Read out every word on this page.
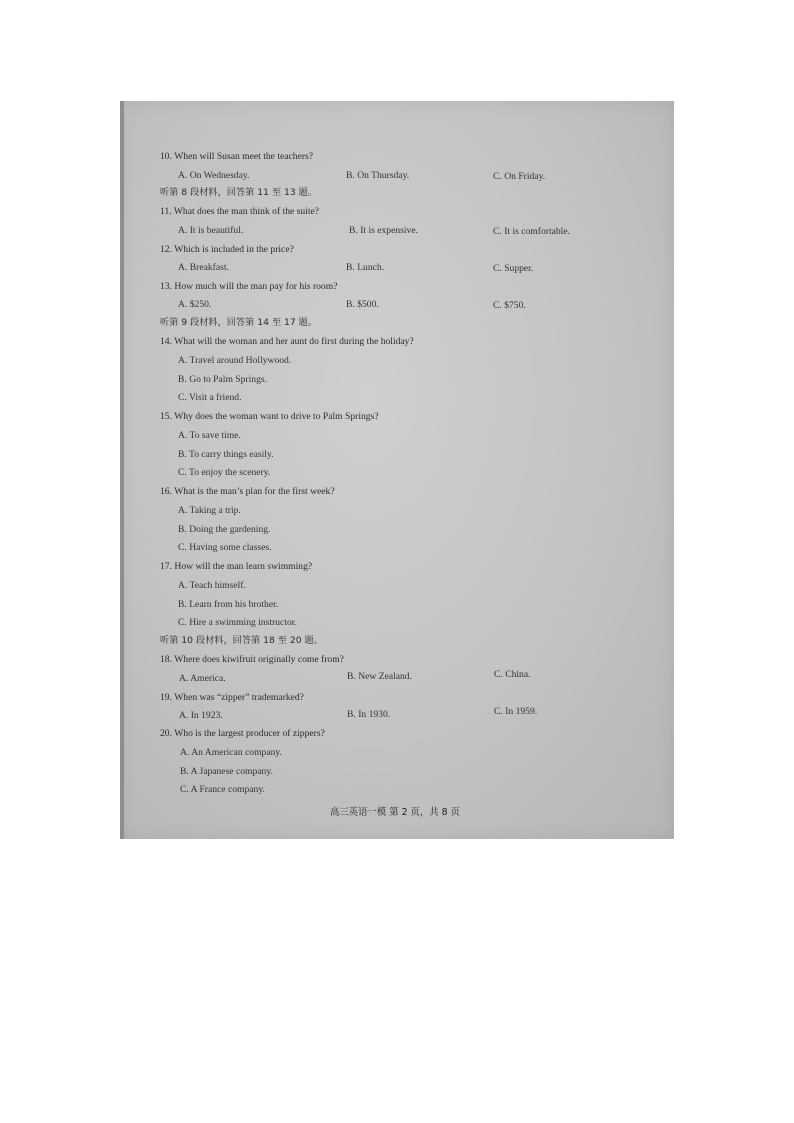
10. When will Susan meet the teachers?
A. On Wednesday.	B. On Thursday.	C. On Friday.
听第 8 段材料，回答第 11 至 13 题。
11. What does the man think of the suite?
A. It is beautiful.	B. It is expensive.	C. It is comfortable.
12. Which is included in the price?
A. Breakfast.	B. Lunch.	C. Supper.
13. How much will the man pay for his room?
A. $250.	B. $500.	C. $750.
听第 9 段材料，回答第 14 至 17 题。
14. What will the woman and her aunt do first during the holiday?
A. Travel around Hollywood.
B. Go to Palm Springs.
C. Visit a friend.
15. Why does the woman want to drive to Palm Springs?
A. To save time.
B. To carry things easily.
C. To enjoy the scenery.
16. What is the man’s plan for the first week?
A. Taking a trip.
B. Doing the gardening.
C. Having some classes.
17. How will the man learn swimming?
A. Teach himself.
B. Learn from his brother.
C. Hire a swimming instructor.
听第 10 段材料，回答第 18 至 20 题。
18. Where does kiwifruit originally come from?
A. America.	B. New Zealand.	C. China.
19. When was “zipper” trademarked?
A. In 1923.	B. In 1930.	C. In 1959.
20. Who is the largest producer of zippers?
A. An American company.
B. A Japanese company.
C. A France company.
高三英语一模 第 2 页，共 8 页
